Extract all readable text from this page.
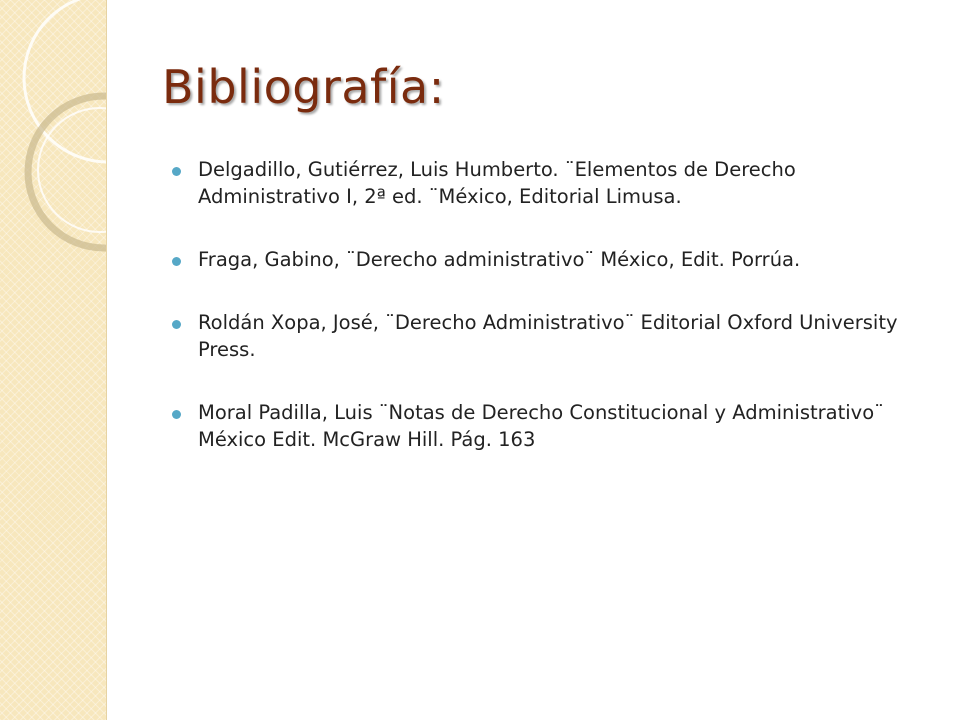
Bibliografía:
Delgadillo, Gutiérrez, Luis Humberto. ¨Elementos de Derecho Administrativo I, 2ª ed. ¨México, Editorial Limusa.
Fraga, Gabino, ¨Derecho administrativo¨ México, Edit. Porrúa.
Roldán Xopa, José, ¨Derecho Administrativo¨ Editorial Oxford University Press.
Moral Padilla, Luis ¨Notas de Derecho Constitucional y Administrativo¨ México Edit. McGraw Hill. Pág. 163
